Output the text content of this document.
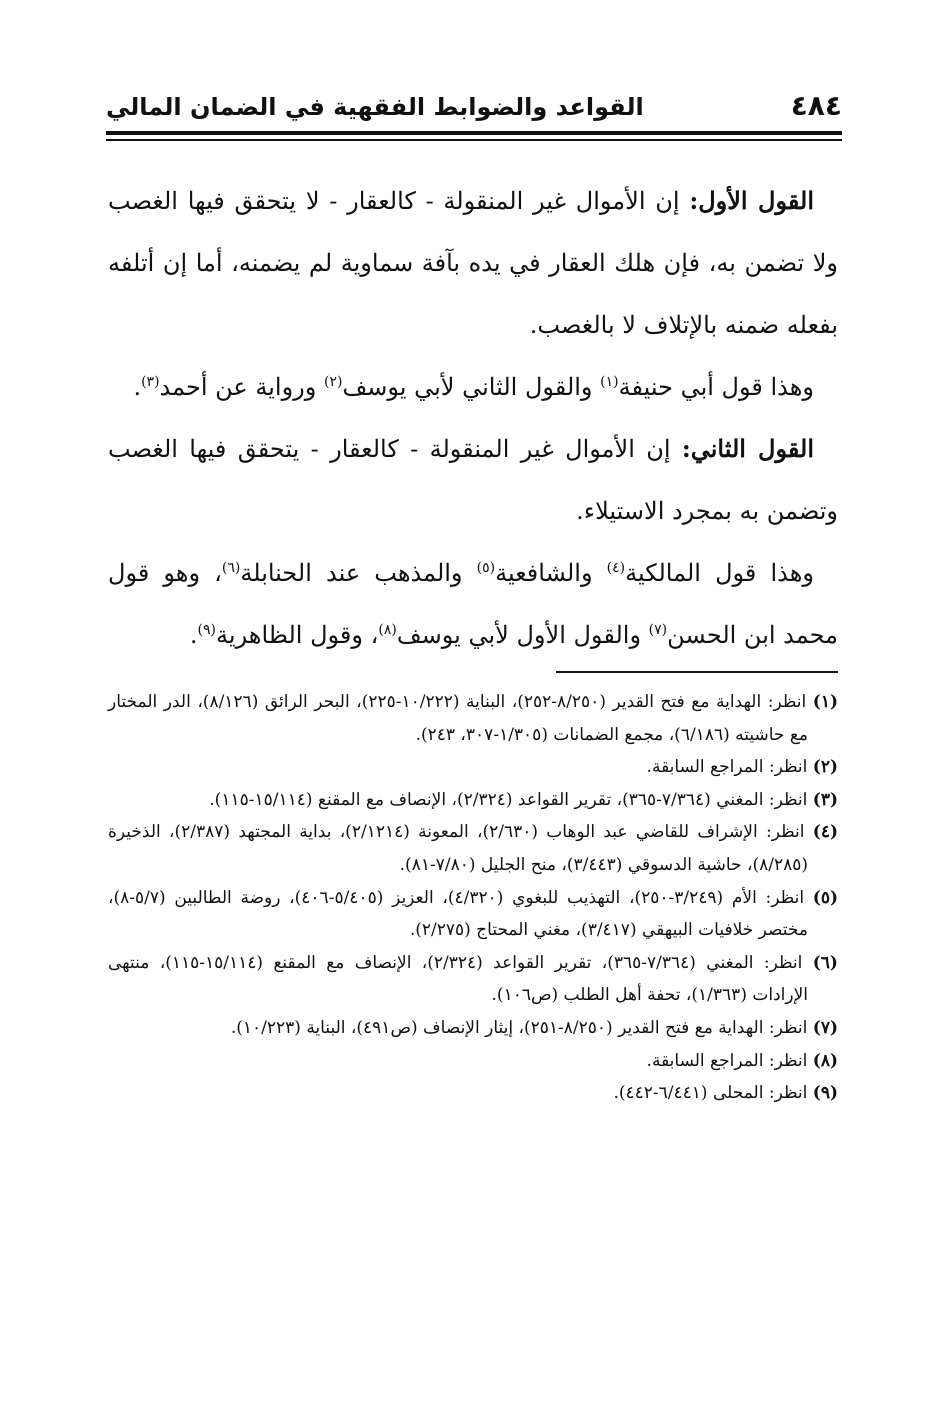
٤٨٤
القواعد والضوابط الفقهية في الضمان المالي

القول الأول: إن الأموال غير المنقولة - كالعقار - لا يتحقق فيها الغصب ولا تضمن به، فإن هلك العقار في يده بآفة سماوية لم يضمنه، أما إن أتلفه بفعله ضمنه بالإتلاف لا بالغصب.

وهذا قول أبي حنيفة$^{(١)}$ والقول الثاني لأبي يوسف$^{(٢)}$ ورواية عن أحمد$^{(٣)}$.

القول الثاني: إن الأموال غير المنقولة - كالعقار - يتحقق فيها الغصب وتضمن به بمجرد الاستيلاء.

وهذا قول المالكية$^{(٤)}$ والشافعية$^{(٥)}$ والمذهب عند الحنابلة$^{(٦)}$، وهو قول محمد ابن الحسن$^{(٧)}$ والقول الأول لأبي يوسف$^{(٨)}$، وقول الظاهرية$^{(٩)}$.

(١) انظر: الهداية مع فتح القدير (٨/٢٥٠-٢٥٢)، البناية (١٠/٢٢٢-٢٢٥)، البحر الرائق (٨/١٢٦)، الدر المختار مع حاشيته (٦/١٨٦)، مجمع الضمانات (١/٣٠٥-٣٠٧، ٢٤٣).

(٢) انظر: المراجع السابقة.

(٣) انظر: المغني (٧/٣٦٤-٣٦٥)، تقرير القواعد (٢/٣٢٤)، الإنصاف مع المقنع (١٥/١١٤-١١٥).

(٤) انظر: الإشراف للقاضي عبد الوهاب (٢/٦٣٠)، المعونة (٢/١٢١٤)، بداية المجتهد (٢/٣٨٧)، الذخيرة (٨/٢٨٥)، حاشية الدسوقي (٣/٤٤٣)، منح الجليل (٧/٨٠-٨١).

(٥) انظر: الأم (٣/٢٤٩-٢٥٠)، التهذيب للبغوي (٤/٣٢٠)، العزيز (٥/٤٠٥-٤٠٦)، روضة الطالبين (٥/٧-٨)، مختصر خلافيات البيهقي (٣/٤١٧)، مغني المحتاج (٢/٢٧٥).

(٦) انظر: المغني (٧/٣٦٤-٣٦٥)، تقرير القواعد (٢/٣٢٤)، الإنصاف مع المقنع (١٥/١١٤-١١٥)، منتهى الإرادات (١/٣٦٣)، تحفة أهل الطلب (ص١٠٦).

(٧) انظر: الهداية مع فتح القدير (٨/٢٥٠-٢٥١)، إيثار الإنصاف (ص٤٩١)، البناية (١٠/٢٢٣).

(٨) انظر: المراجع السابقة.

(٩) انظر: المحلى (٦/٤٤١-٤٤٢).
